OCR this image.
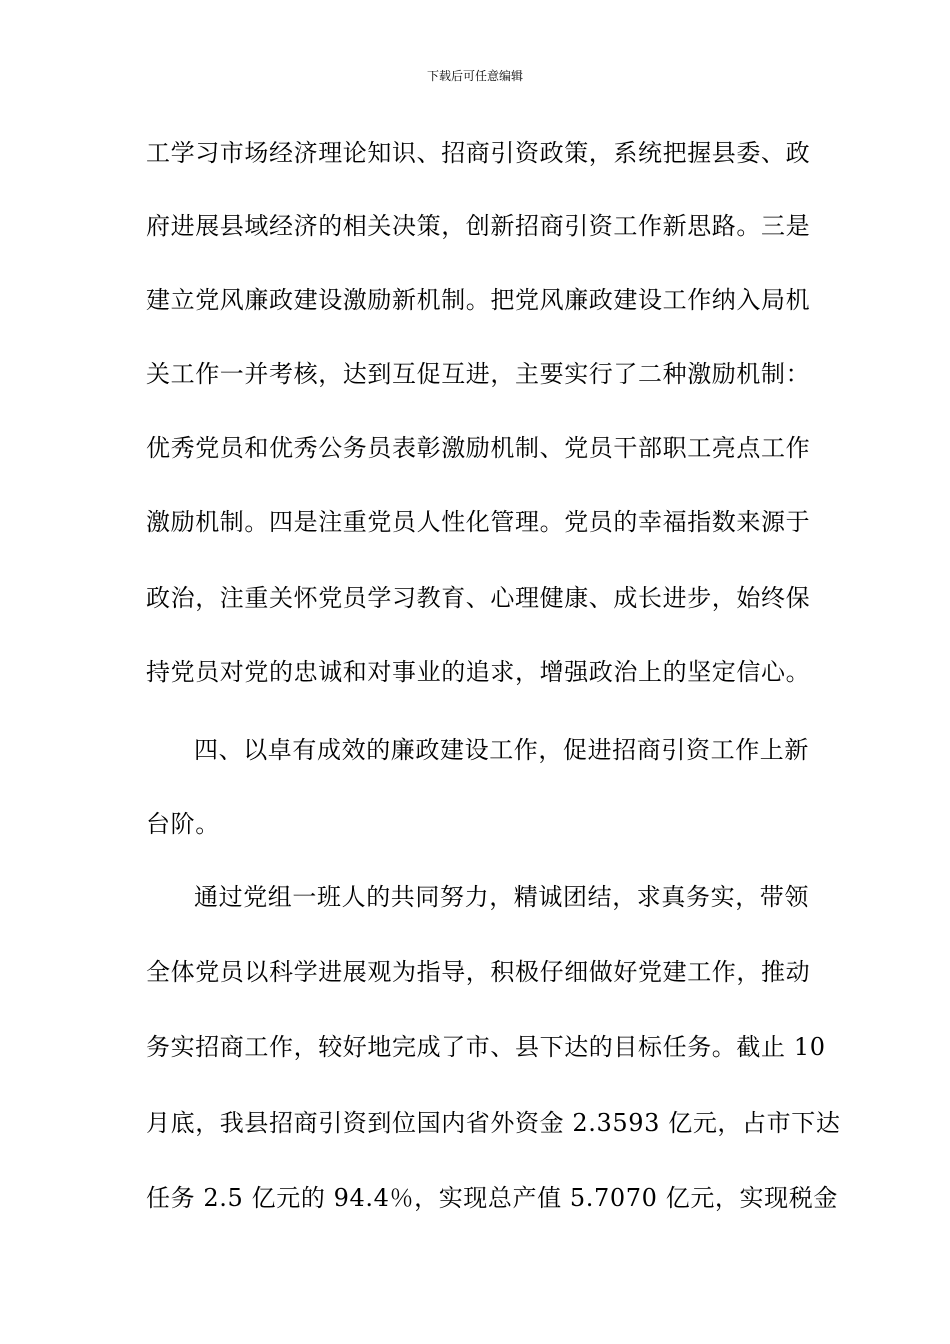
下载后可任意编辑
工学习市场经济理论知识、招商引资政策，系统把握县委、政
府进展县域经济的相关决策，创新招商引资工作新思路。三是
建立党风廉政建设激励新机制。把党风廉政建设工作纳入局机
关工作一并考核，达到互促互进，主要实行了二种激励机制：
优秀党员和优秀公务员表彰激励机制、党员干部职工亮点工作
激励机制。四是注重党员人性化管理。党员的幸福指数来源于
政治，注重关怀党员学习教育、心理健康、成长进步，始终保
持党员对党的忠诚和对事业的追求，增强政治上的坚定信心。
四、以卓有成效的廉政建设工作，促进招商引资工作上新
台阶。
通过党组一班人的共同努力，精诚团结，求真务实，带领
全体党员以科学进展观为指导，积极仔细做好党建工作，推动
务实招商工作，较好地完成了市、县下达的目标任务。截止 10
月底，我县招商引资到位国内省外资金 2.3593 亿元，占市下达
任务 2.5 亿元的 94.4％，实现总产值 5.7070 亿元，实现税金
